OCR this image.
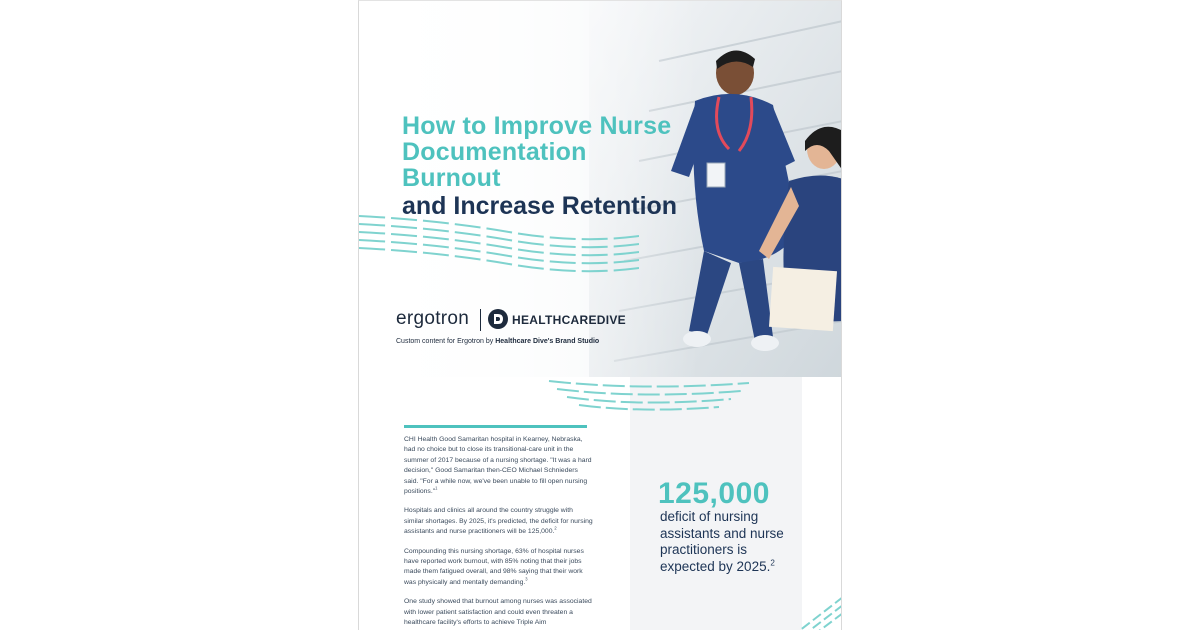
How to Improve Nurse
Documentation Burnout
and Increase Retention
ergotron	HEALTHCAREDIVE
Custom content for Ergotron by Healthcare Dive's Brand Studio

CHI Health Good Samaritan hospital in Kearney, Nebraska, had no choice but to close its transitional-care unit in the summer of 2017 because of a nursing shortage. "It was a hard decision," Good Samaritan then-CEO Michael Schnieders said. "For a while now, we've been unable to fill open nursing positions."$^1$

Hospitals and clinics all around the country struggle with similar shortages. By 2025, it's predicted, the deficit for nursing assistants and nurse practitioners will be 125,000.$^2$

Compounding this nursing shortage, 63% of hospital nurses have reported work burnout, with 85% noting that their jobs made them fatigued overall, and 98% saying that their work was physically and mentally demanding.$^3$

One study showed that burnout among nurses was associated with lower patient satisfaction and could even threaten a healthcare facility's efforts to achieve Triple Aim

125,000
deficit of nursing assistants and nurse practitioners is expected by 2025.$^2$
